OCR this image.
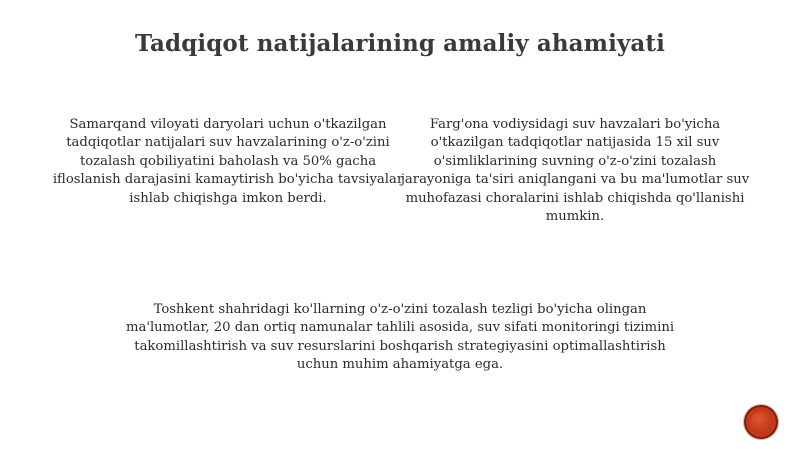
Tadqiqot natijalarining amaliy ahamiyati
Samarqand viloyati daryolari uchun o'tkazilgan tadqiqotlar natijalari suv havzalarining o'z-o'zini tozalash qobiliyatini baholash va 50% gacha ifloslanish darajasini kamaytirish bo'yicha tavsiyalar ishlab chiqishga imkon berdi.
Farg'ona vodiysidagi suv havzalari bo'yicha o'tkazilgan tadqiqotlar natijasida 15 xil suv o'simliklarining suvning o'z-o'zini tozalash jarayoniga ta'siri aniqlangani va bu ma'lumotlar suv muhofazasi choralarini ishlab chiqishda qo'llanishi mumkin.
Toshkent shahridagi ko'llarning o'z-o'zini tozalash tezligi bo'yicha olingan ma'lumotlar, 20 dan ortiq namunalar tahlili asosida, suv sifati monitoringi tizimini takomillashtirish va suv resurslarini boshqarish strategiyasini optimallashtirish uchun muhim ahamiyatga ega.
